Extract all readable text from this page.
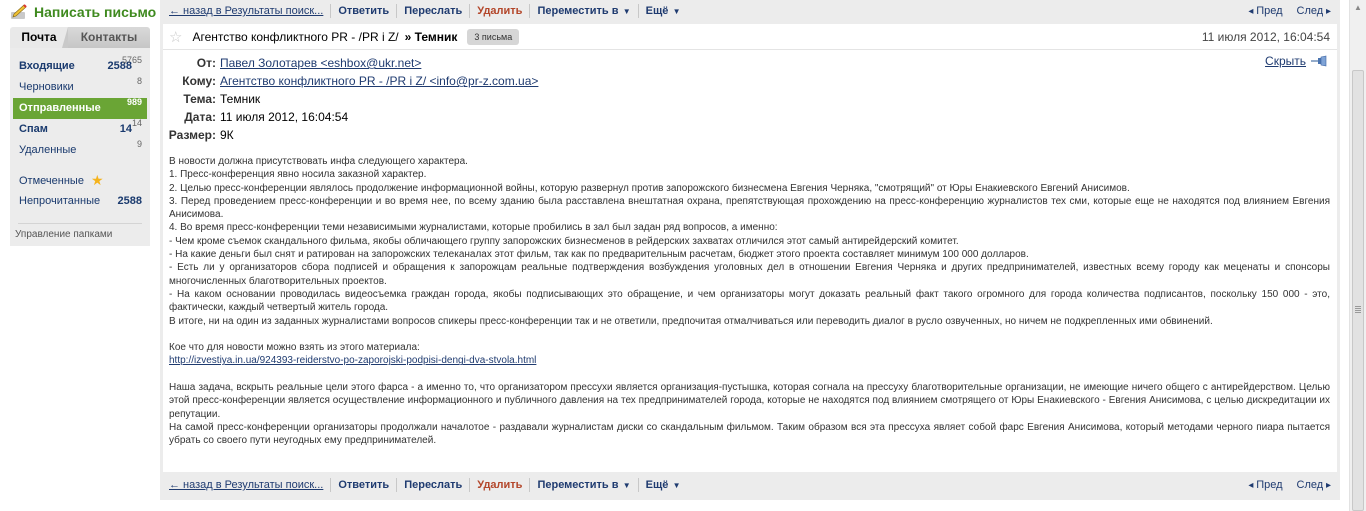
Написать письмо
Почта	Контакты
Входящие	2588
5765
Черновики	8
Отправленные	989
Спам	14 14
Удаленные	9
Отмеченные ★
Непрочитанные 2588
Управление папками
← назад в Результаты поиск... Ответить Переслать Удалить Переместить в ▼ Ещё ▼	◂ Пред След ▸
☆ Агентство конфликтного PR - /PR i Z/ » Темник	3 письма	11 июля 2012, 16:04:54
От: Павел Золотарев <eshbox@ukr.net>
Кому: Агентство конфликтного PR - /PR i Z/ <info@pr-z.com.ua>
Тема: Темник
Дата: 11 июля 2012, 16:04:54
Размер: 9К
Скрыть

В новости должна присутствовать инфа следующего характера.

1. Пресс-конференция явно носила заказной характер.

2. Целью пресс-конференции являлось продолжение информационной войны, которую развернул против запорожского бизнесмена Евгения Черняка, "смотрящий" от Юры Енакиевского Евгений Анисимов.

3. Перед проведением пресс-конференции и во время нее, по всему зданию была расставлена внештатная охрана, препятствующая прохождению на пресс-конференцию журналистов тех сми, которые еще не находятся под влиянием Евгения Анисимова.

4. Во время пресс-конференции теми независимыми журналистами, которые пробились в зал был задан ряд вопросов, а именно:

- Чем кроме съемок скандального фильма, якобы обличающего группу запорожских бизнесменов в рейдерских захватах отличился этот самый антирейдерский комитет.

- На какие деньги был снят и ратирован на запорожских телеканалах этот фильм, так как по предварительным расчетам, бюджет этого проекта составляет минимум 100 000 долларов.

- Есть ли у организаторов сбора подписей и обращения к запорожцам реальные подтверждения возбуждения уголовных дел в отношении Евгения Черняка и других предпринимателей, известных всему городу как меценаты и спонсоры многочисленных благотворительных проектов.

- На каком основании проводилась видеосъемка граждан города, якобы подписывающих это обращение, и чем организаторы могут доказать реальный факт такого огромного для города количества подписантов, поскольку 150 000 - это, фактически, каждый четвертый житель города.

В итоге, ни на один из заданных журналистами вопросов спикеры пресс-конференции так и не ответили, предпочитая отмалчиваться или переводить диалог в русло озвученных, но ничем не подкрепленных ими обвинений.

Кое что для новости можно взять из этого материала:

http://izvestiya.in.ua/924393-reiderstvo-po-zaporojski-podpisi-dengi-dva-stvola.html

Наша задача, вскрыть реальные цели этого фарса - а именно то, что организатором прессухи является организация-пустышка, которая согнала на прессуху благотворительные организации, не имеющие ничего общего с антирейдерством. Целью этой пресс-конференции является осуществление информационного и публичного давления на тех предпринимателей города, которые не находятся под влиянием смотрящего от Юры Енакиевского - Евгения Анисимова, с целью дискредитации их репутации.

На самой пресс-конференции организаторы продолжали началотое - раздавали журналистам диски со скандальным фильмом. Таким образом вся эта прессуха являет собой фарс Евгения Анисимова, который методами черного пиара пытается убрать со своего пути неугодных ему предпринимателей.

← назад в Результаты поиск... Ответить Переслать Удалить Переместить в ▼ Ещё ▼	◂ Пред След ▸
▲
